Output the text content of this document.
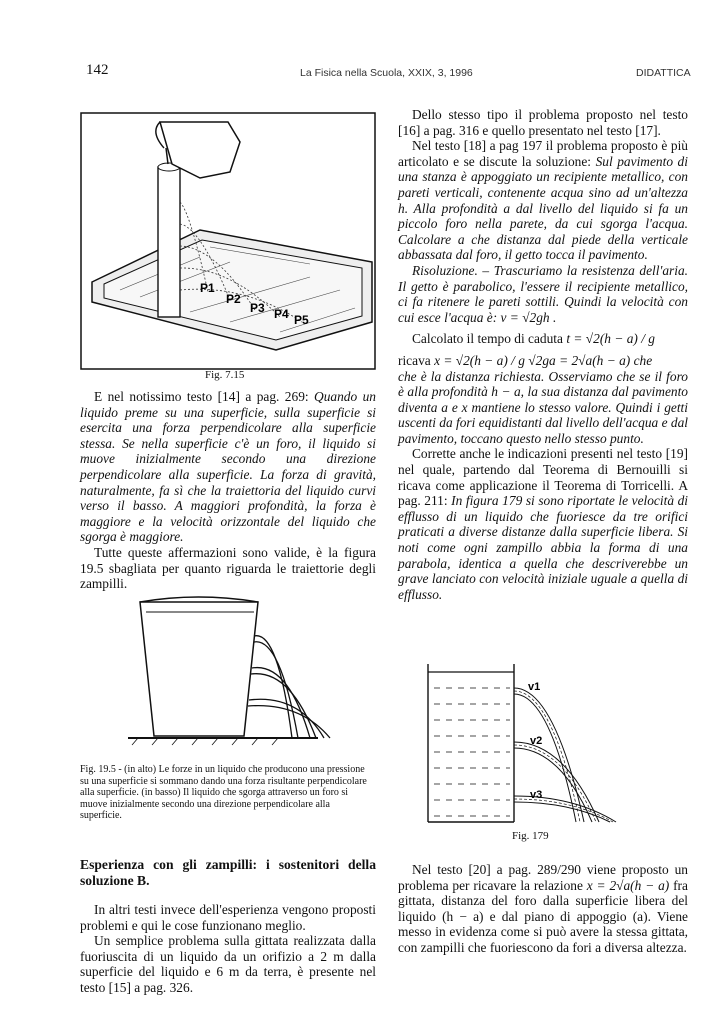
142	La Fisica nella Scuola, XXIX, 3, 1996	DIDATTICA
P1
P2
P3 P4 P5
Fig. 7.15

E nel notissimo testo [14] a pag. 269: Quando un liquido preme su una superficie, sulla superficie si esercita una forza perpendicolare alla superficie stessa. Se nella superficie c'è un foro, il liquido si muove inizialmente secondo una direzione perpendicolare alla superficie. La forza di gravità, naturalmente, fa sì che la traiettoria del liquido curvi verso il basso. A maggiori profondità, la forza è maggiore e la velocità orizzontale del liquido che sgorga è maggiore.

Tutte queste affermazioni sono valide, è la figura 19.5 sbagliata per quanto riguarda le traiettorie degli zampilli.

Fig. 19.5 - (in alto) Le forze in un liquido che producono una pressione su una superficie si sommano dando una forza risultante perpendicolare alla superficie. (in basso) Il liquido che sgorga attraverso un foro si muove inizialmente secondo una direzione perpendicolare alla superficie.

Esperienza con gli zampilli: i sostenitori della soluzione B.

In altri testi invece dell'esperienza vengono proposti problemi e qui le cose funzionano meglio.

Un semplice problema sulla gittata realizzata dalla fuoriuscita di un liquido da un orifizio a 2 m dalla superficie del liquido e 6 m da terra, è presente nel testo [15] a pag. 326.

Dello stesso tipo il problema proposto nel testo [16] a pag. 316 e quello presentato nel testo [17].

Nel testo [18] a pag 197 il problema proposto è più articolato e se discute la soluzione: Sul pavimento di una stanza è appoggiato un recipiente metallico, con pareti verticali, contenente acqua sino ad un'altezza h. Alla profondità a dal livello del liquido si fa un piccolo foro nella parete, da cui sgorga l'acqua. Calcolare a che distanza dal piede della verticale abbassata dal foro, il getto tocca il pavimento.

Risoluzione. – Trascuriamo la resistenza dell'aria. Il getto è parabolico, l'essere il recipiente metallico, ci fa ritenere le pareti sottili. Quindi la velocità con cui esce l'acqua è: v = √2gh .

Calcolato il tempo di caduta t = √2(h − a) / g

ricava x = √2(h − a) / g √2ga = 2√a(h − a) che

che è la distanza richiesta. Osserviamo che se il foro è alla profondità h − a, la sua distanza dal pavimento diventa a e x mantiene lo stesso valore. Quindi i getti uscenti da fori equidistanti dal livello dell'acqua e dal pavimento, toccano questo nello stesso punto.

Corrette anche le indicazioni presenti nel testo [19] nel quale, partendo dal Teorema di Bernouilli si ricava come applicazione il Teorema di Torricelli. A pag. 211: In figura 179 si sono riportate le velocità di efflusso di un liquido che fuoriesce da tre orifici praticati a diverse distanze dalla superficie libera. Si noti come ogni zampillo abbia la forma di una parabola, identica a quella che descriverebbe un grave lanciato con velocità iniziale uguale a quella di efflusso.

v1
v2
v3
Fig. 179

Nel testo [20] a pag. 289/290 viene proposto un problema per ricavare la relazione x = 2√a(h − a) fra gittata, distanza del foro dalla superficie libera del liquido (h − a) e dal piano di appoggio (a). Viene messo in evidenza come si può avere la stessa gittata, con zampilli che fuoriescono da fori a diversa altezza.
